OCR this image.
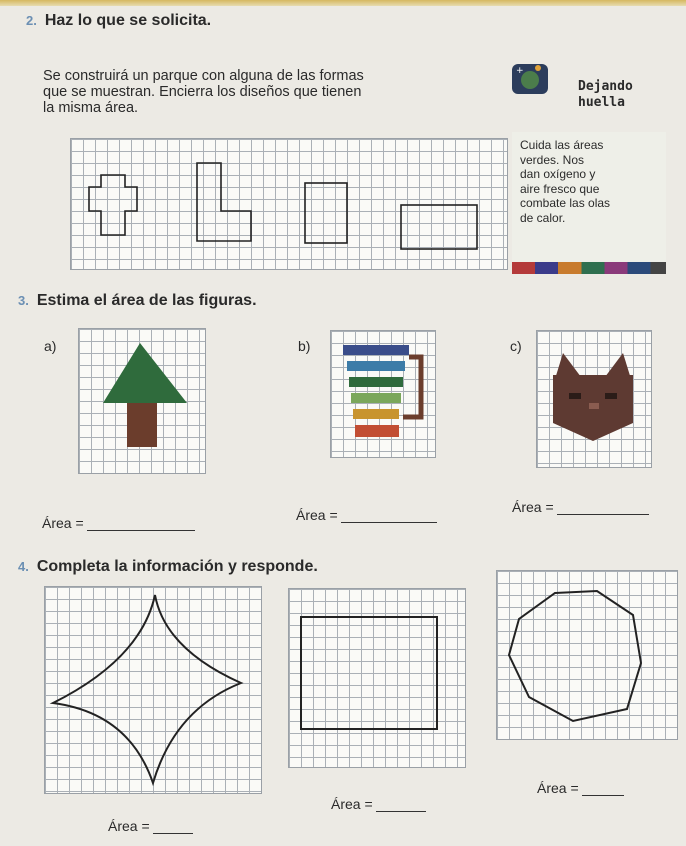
2. Haz lo que se solicita.
Se construirá un parque con alguna de las formas
que se muestran. Encierra los diseños que tienen
la misma área.
+
Dejando
huella
Cuida las áreas
verdes. Nos
dan oxígeno y
aire fresco que
combate las olas
de calor.
3. Estima el área de las figuras.
a)	b)	c)
Área =	Área =	Área =
4. Completa la información y responde.
Área =
Área =
Área =
